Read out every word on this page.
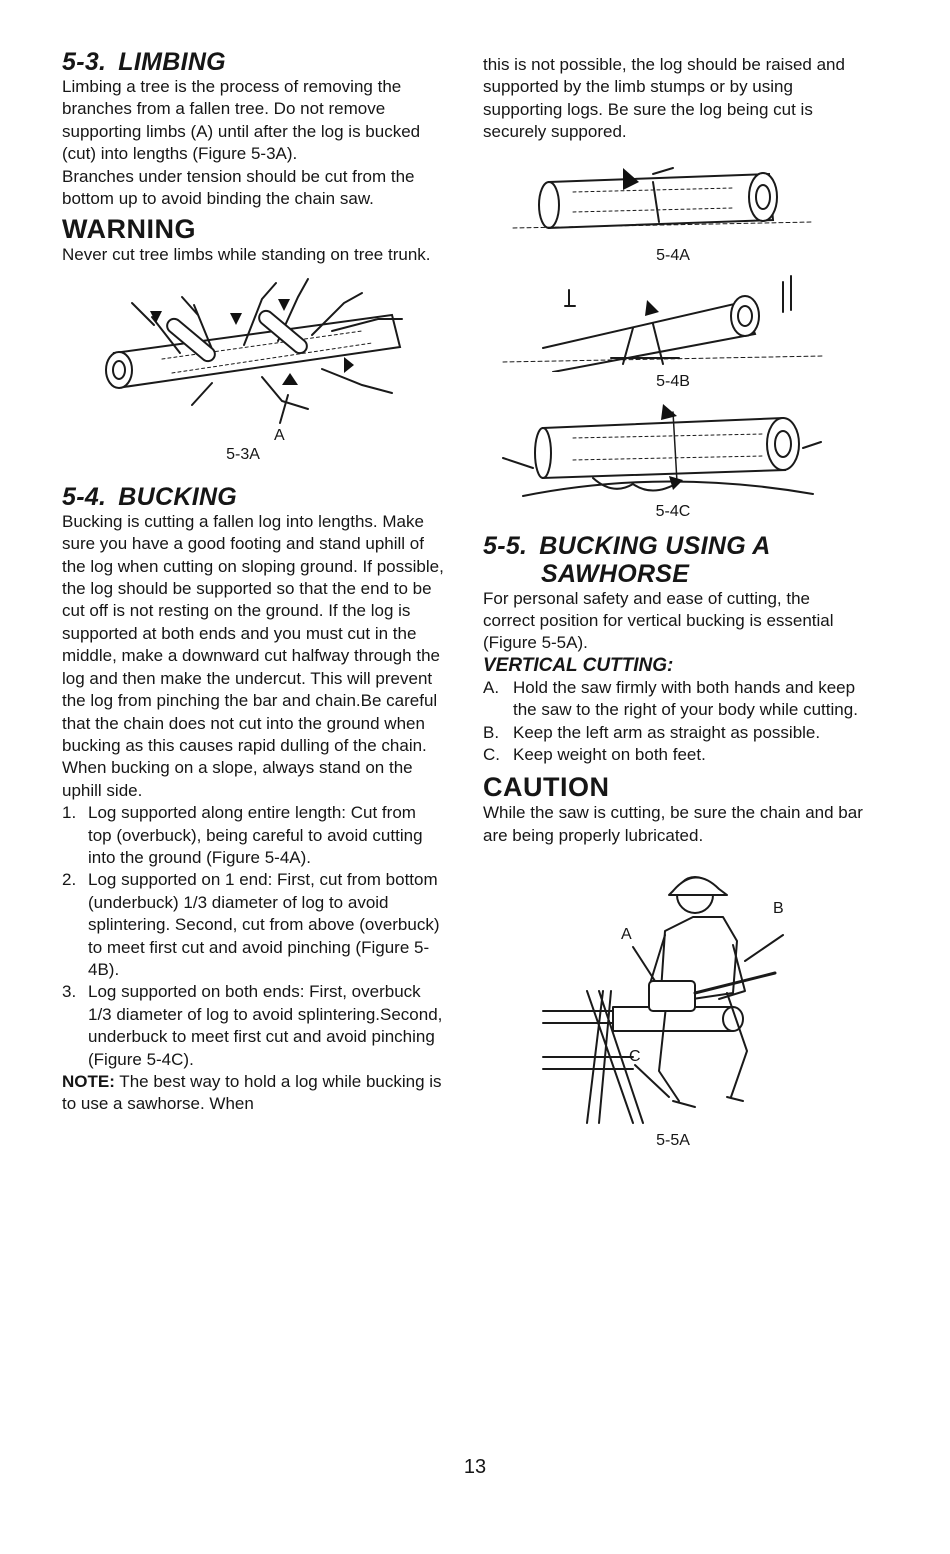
5-3. LIMBING

Limbing a tree is the process of removing the branches from a fallen tree. Do not remove supporting limbs (A) until after the log is bucked (cut) into lengths (Figure 5-3A).

Branches under tension should be cut from the bottom up to avoid binding the chain saw.

WARNING

Never cut tree limbs while standing on tree trunk.

A
5-3A
5-4. BUCKING

Bucking is cutting a fallen log into lengths. Make sure you have a good footing and stand uphill of the log when cutting on sloping ground. If possible, the log should be supported so that the end to be cut off is not resting on the ground. If the log is supported at both ends and you must cut in the middle, make a downward cut halfway through the log and then make the undercut. This will prevent the log from pinching the bar and chain.Be careful that the chain does not cut into the ground when bucking as this causes rapid dulling of the chain.

When bucking on a slope, always stand on the uphill side.

1. Log supported along entire length: Cut from top (overbuck), being careful to avoid cutting into the ground (Figure 5-4A).
2. Log supported on 1 end: First, cut from bottom (underbuck) 1/3 diameter of log to avoid splintering. Second, cut from above (overbuck) to meet first cut and avoid pinching (Figure 5-4B).
3. Log supported on both ends: First, overbuck 1/3 diameter of log to avoid splintering.Second, underbuck to meet first cut and avoid pinching (Figure 5-4C).

NOTE: The best way to hold a log while bucking is to use a sawhorse. When

this is not possible, the log should be raised and supported by the limb stumps or by using supporting logs. Be sure the log being cut is securely suppored.

5-4A
5-4B
5-4C
5-5. BUCKING USING A
SAWHORSE

For personal safety and ease of cutting, the correct position for vertical bucking is essential (Figure 5-5A).

VERTICAL CUTTING:
A. Hold the saw firmly with both hands and keep the saw to the right of your body while cutting.
B. Keep the left arm as straight as possible.
C. Keep weight on both feet.
CAUTION

While the saw is cutting, be sure the chain and bar are being properly lubricated.

A
B
C
5-5A
13
